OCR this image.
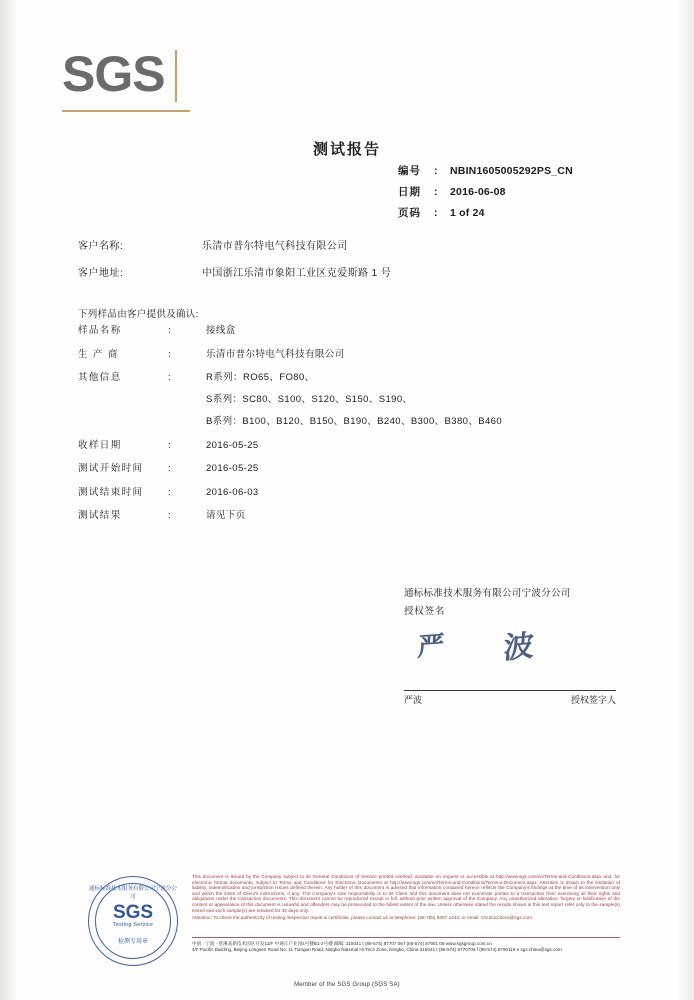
SGS
测试报告
编号	:	NBIN1605005292PS_CN
日期	:	2016-06-08
页码	:	1 of 24
客户名称:	乐清市普尔特电气科技有限公司
客户地址:	中国浙江乐清市象阳工业区克爱斯路 1 号
下列样品由客户提供及确认:
样品名称	:	接线盒
生 产 商	:	乐清市普尔特电气科技有限公司
其他信息	:	R系列：RO65、FO80、
S系列：SC80、S100、S120、S150、S190、
B系列：B100、B120、B150、B190、B240、B300、B380、B460
收样日期	:	2016-05-25
测试开始时间	:	2016-05-25
测试结束时间	:	2016-06-03
测试结果	:	请见下页
通标标准技术服务有限公司宁波分公司
授权签名
严 波
严波	授权签字人
通标标准技术服务有限公司宁波分公司
SGS
Testing Service
检测专用章
This document is issued by the Company subject to its General Conditions of Service printed overleaf, available on request or accessible at http://www.sgs.com/en/Terms-and-Conditions.aspx and, for electronic format documents, subject to Terms and Conditions for Electronic Documents at http://www.sgs.com/en/Terms-and-Conditions/Terms-e-Document.aspx. Attention is drawn to the limitation of liability, indemnification and jurisdiction issues defined therein. Any holder of this document is advised that information contained hereon reflects the Company's findings at the time of its intervention only and within the limits of Client's instructions, if any. The Company's sole responsibility is to its Client and this document does not exonerate parties to a transaction from exercising all their rights and obligations under the transaction documents. This document cannot be reproduced except in full, without prior written approval of the Company. Any unauthorized alteration, forgery or falsification of the content or appearance of this document is unlawful and offenders may be prosecuted to the fullest extent of the law. Unless otherwise stated the results shown in this test report refer only to the sample(s) tested and such sample(s) are retained for 30 days only.
Attention: To check the authenticity of testing /inspection report & certificate, please contact us at telephone: (86-755) 8307 1443, or email: CN.Doccheck@sgs.com
中国 · 宁波 · 慈溪高新技术园区开发11/F 中通正产业园4号楼B1-2号楼 邮编: 315041 t (86-574) 87707 06 f (86-574) 87901 09 www.sgsgroup.com.cn
4/F Pacific Building, Beijing Longsen Road No. 11 Tiangan Road, Ningbo National Hi-Tech Zone, Ningbo, China 315041 t (86-574) 8770706 f (86-574) 8790119 e sgs.china@sgs.com
Member of the SGS Group (SGS SA)
